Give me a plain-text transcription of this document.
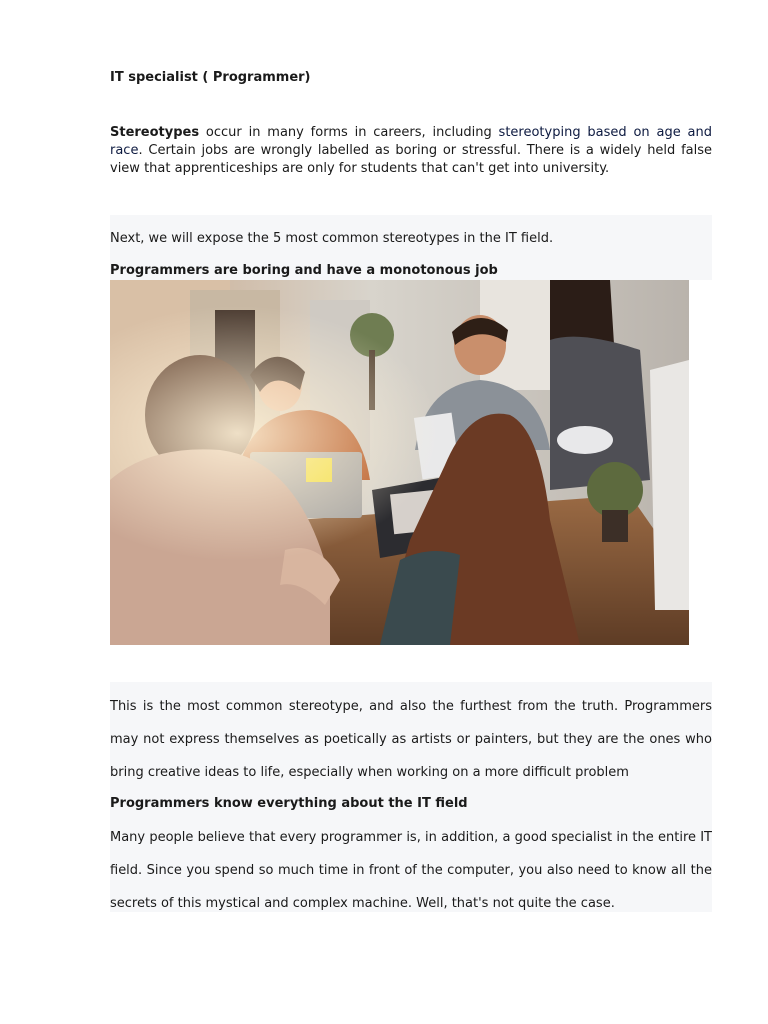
IT specialist ( Programmer)
Stereotypes occur in many forms in careers, including stereotyping based on age and race. Certain jobs are wrongly labelled as boring or stressful. There is a widely held false view that apprenticeships are only for students that can't get into university.
Next, we will expose the 5 most common stereotypes in the IT field.
Programmers are boring and have a monotonous job
This is the most common stereotype, and also the furthest from the truth. Programmers may not express themselves as poetically as artists or painters, but they are the ones who bring creative ideas to life, especially when working on a more difficult problem
Programmers know everything about the IT field
Many people believe that every programmer is, in addition, a good specialist in the entire IT field. Since you spend so much time in front of the computer, you also need to know all the secrets of this mystical and complex machine. Well, that's not quite the case.
